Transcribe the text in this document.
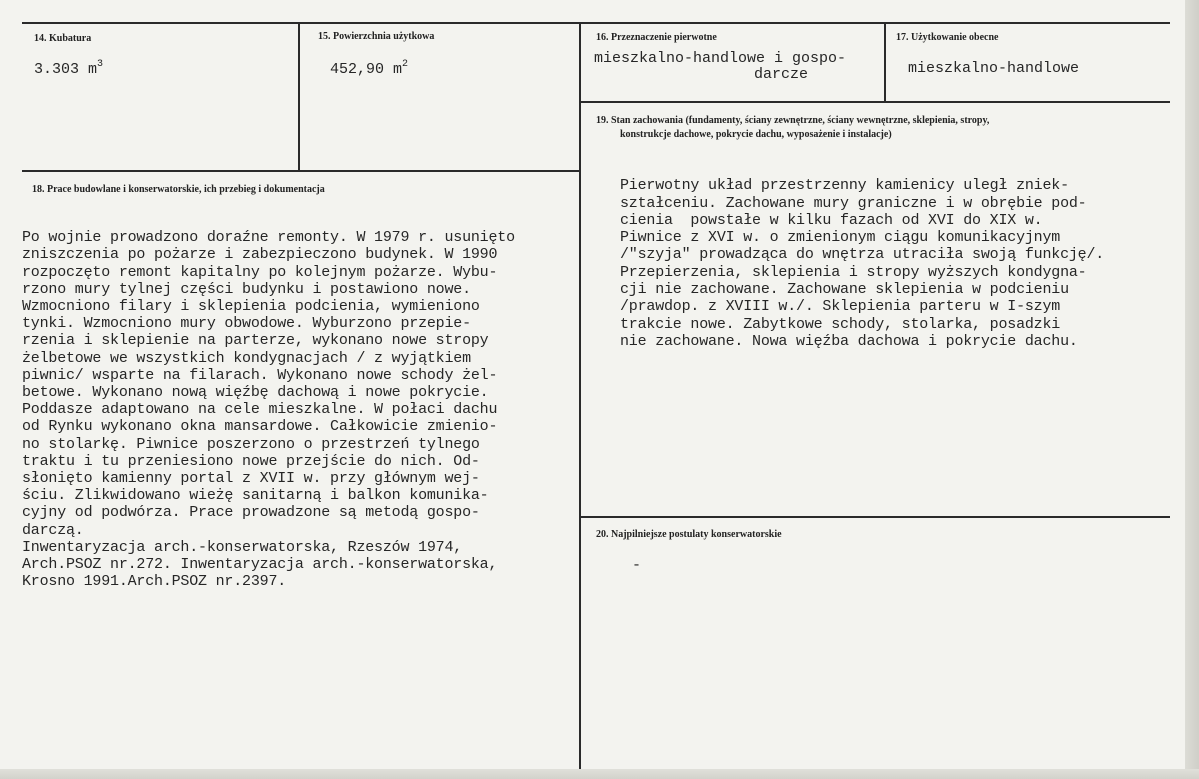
14. Kubatura
3.303 $m^3$
15. Powierzchnia użytkowa
452,90 $m^2$
16. Przeznaczenie pierwotne
mieszkalno-handlowe i gospo-
darcze
17. Użytkowanie obecne
mieszkalno-handlowe
18. Prace budowlane i konserwatorskie, ich przebieg i dokumentacja

Po wojnie prowadzono doraźne remonty. W 1979 r. usunięto
zniszczenia po pożarze i zabezpieczono budynek. W 1990
rozpoczęto remont kapitalny po kolejnym pożarze. Wybu-
rzono mury tylnej części budynku i postawiono nowe.
Wzmocniono filary i sklepienia podcienia, wymieniono
tynki. Wzmocniono mury obwodowe. Wyburzono przepie-
rzenia i sklepienie na parterze, wykonano nowe stropy
żelbetowe we wszystkich kondygnacjach / z wyjątkiem
piwnic/ wsparte na filarach. Wykonano nowe schody żel-
betowe. Wykonano nową więźbę dachową i nowe pokrycie.
Poddasze adaptowano na cele mieszkalne. W połaci dachu
od Rynku wykonano okna mansardowe. Całkowicie zmienio-
no stolarkę. Piwnice poszerzono o przestrzeń tylnego
traktu i tu przeniesiono nowe przejście do nich. Od-
słonięto kamienny portal z XVII w. przy głównym wej-
ściu. Zlikwidowano wieżę sanitarną i balkon komunika-
cyjny od podwórza. Prace prowadzone są metodą gospo-
darczą.
Inwentaryzacja arch.-konserwatorska, Rzeszów 1974,
Arch.PSOZ nr.272. Inwentaryzacja arch.-konserwatorska,
Krosno 1991.Arch.PSOZ nr.2397.
19. Stan zachowania (fundamenty, ściany zewnętrzne, ściany wewnętrzne, sklepienia, stropy,
konstrukcje dachowe, pokrycie dachu, wyposażenie i instalacje)

Pierwotny układ przestrzenny kamienicy uległ zniek-
ształceniu. Zachowane mury graniczne i w obrębie pod-
cienia  powstałe w kilku fazach od XVI do XIX w.
Piwnice z XVI w. o zmienionym ciągu komunikacyjnym
/"szyja" prowadząca do wnętrza utraciła swoją funkcję/.
Przepierzenia, sklepienia i stropy wyższych kondygna-
cji nie zachowane. Zachowane sklepienia w podcieniu
/prawdop. z XVIII w./. Sklepienia parteru w I-szym
trakcie nowe. Zabytkowe schody, stolarka, posadzki
nie zachowane. Nowa więźba dachowa i pokrycie dachu.
20. Najpilniejsze postulaty konserwatorskie
-
